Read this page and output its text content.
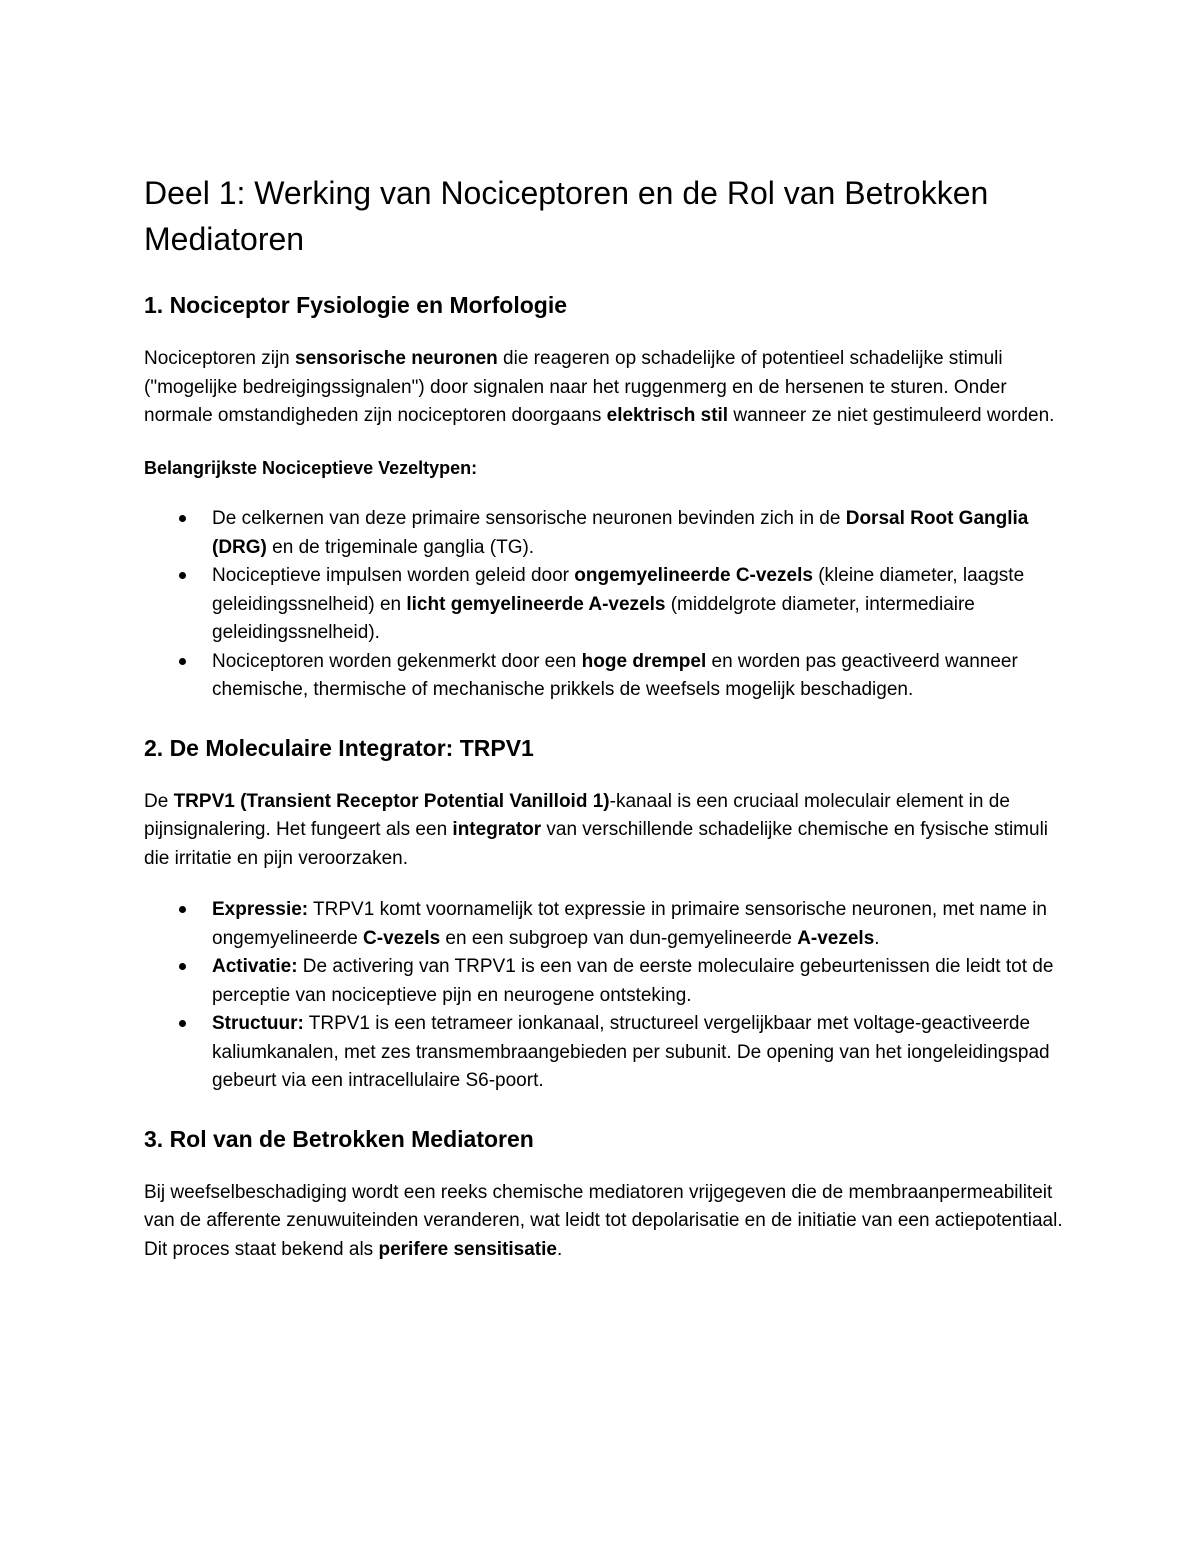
Deel 1: Werking van Nociceptoren en de Rol van Betrokken Mediatoren
1. Nociceptor Fysiologie en Morfologie

Nociceptoren zijn sensorische neuronen die reageren op schadelijke of potentieel schadelijke stimuli ("mogelijke bedreigingssignalen") door signalen naar het ruggenmerg en de hersenen te sturen. Onder normale omstandigheden zijn nociceptoren doorgaans elektrisch stil wanneer ze niet gestimuleerd worden.

Belangrijkste Nociceptieve Vezeltypen:

De celkernen van deze primaire sensorische neuronen bevinden zich in de Dorsal Root Ganglia (DRG) en de trigeminale ganglia (TG).
Nociceptieve impulsen worden geleid door ongemyelineerde C-vezels (kleine diameter, laagste geleidingssnelheid) en licht gemyelineerde A-vezels (middelgrote diameter, intermediaire geleidingssnelheid).
Nociceptoren worden gekenmerkt door een hoge drempel en worden pas geactiveerd wanneer chemische, thermische of mechanische prikkels de weefsels mogelijk beschadigen.
2. De Moleculaire Integrator: TRPV1

De TRPV1 (Transient Receptor Potential Vanilloid 1)-kanaal is een cruciaal moleculair element in de pijnsignalering. Het fungeert als een integrator van verschillende schadelijke chemische en fysische stimuli die irritatie en pijn veroorzaken.

Expressie: TRPV1 komt voornamelijk tot expressie in primaire sensorische neuronen, met name in ongemyelineerde C-vezels en een subgroep van dun-gemyelineerde A-vezels.
Activatie: De activering van TRPV1 is een van de eerste moleculaire gebeurtenissen die leidt tot de perceptie van nociceptieve pijn en neurogene ontsteking.
Structuur: TRPV1 is een tetrameer ionkanaal, structureel vergelijkbaar met voltage-geactiveerde kaliumkanalen, met zes transmembraangebieden per subunit. De opening van het iongeleidingspad gebeurt via een intracellulaire S6-poort.
3. Rol van de Betrokken Mediatoren

Bij weefselbeschadiging wordt een reeks chemische mediatoren vrijgegeven die de membraanpermeabiliteit van de afferente zenuwuiteinden veranderen, wat leidt tot depolarisatie en de initiatie van een actiepotentiaal. Dit proces staat bekend als perifere sensitisatie.
